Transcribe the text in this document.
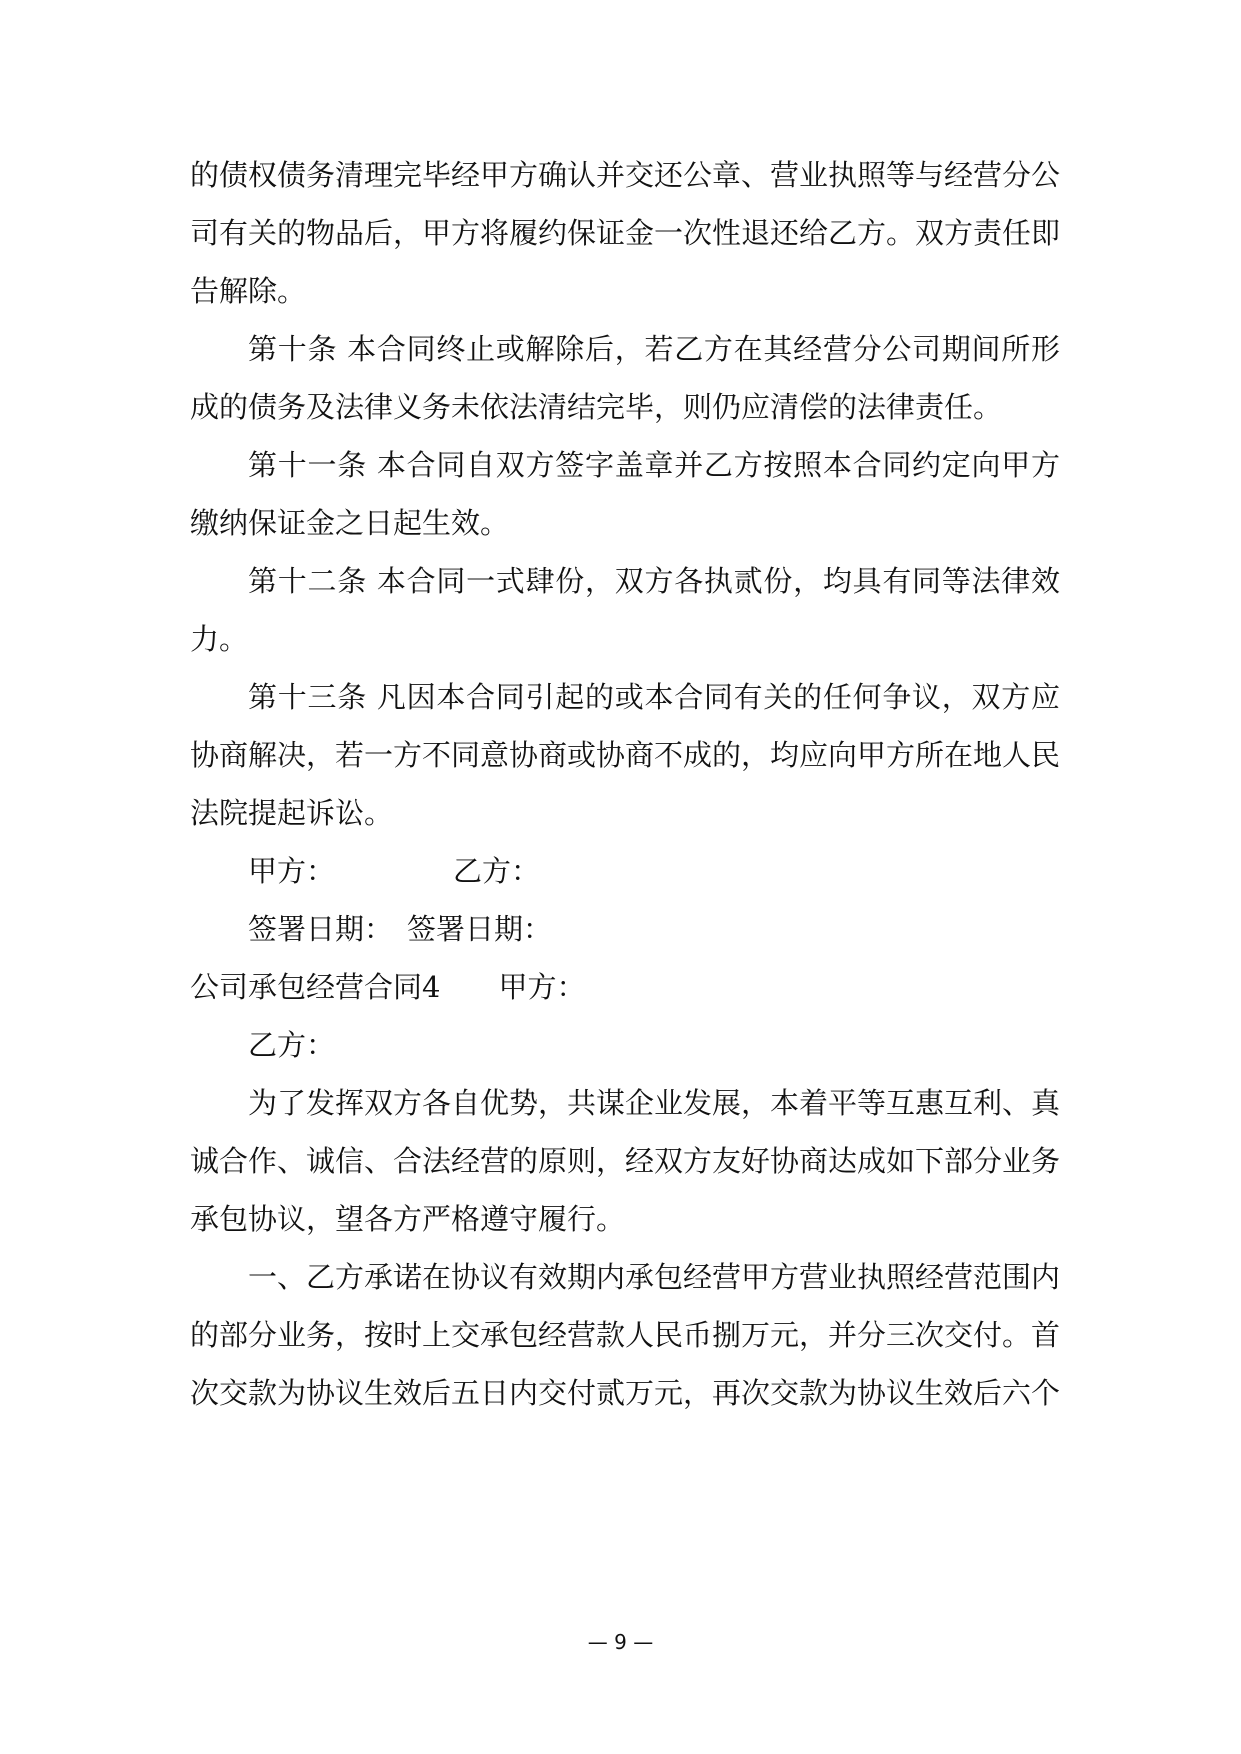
的债权债务清理完毕经甲方确认并交还公章、营业执照等与经营分公
司有关的物品后，甲方将履约保证金一次性退还给乙方。双方责任即
告解除。
第十条 本合同终止或解除后，若乙方在其经营分公司期间所形
成的债务及法律义务未依法清结完毕，则仍应清偿的法律责任。
第十一条 本合同自双方签字盖章并乙方按照本合同约定向甲方
缴纳保证金之日起生效。
第十二条 本合同一式肆份，双方各执贰份，均具有同等法律效
力。
第十三条 凡因本合同引起的或本合同有关的任何争议，双方应
协商解决，若一方不同意协商或协商不成的，均应向甲方所在地人民
法院提起诉讼。
甲方：	乙方：
签署日期： 签署日期：
公司承包经营合同4 甲方：
乙方：
为了发挥双方各自优势，共谋企业发展，本着平等互惠互利、真
诚合作、诚信、合法经营的原则，经双方友好协商达成如下部分业务
承包协议，望各方严格遵守履行。
一、乙方承诺在协议有效期内承包经营甲方营业执照经营范围内
的部分业务，按时上交承包经营款人民币捌万元，并分三次交付。首
次交款为协议生效后五日内交付贰万元，再次交款为协议生效后六个
— 9 —
